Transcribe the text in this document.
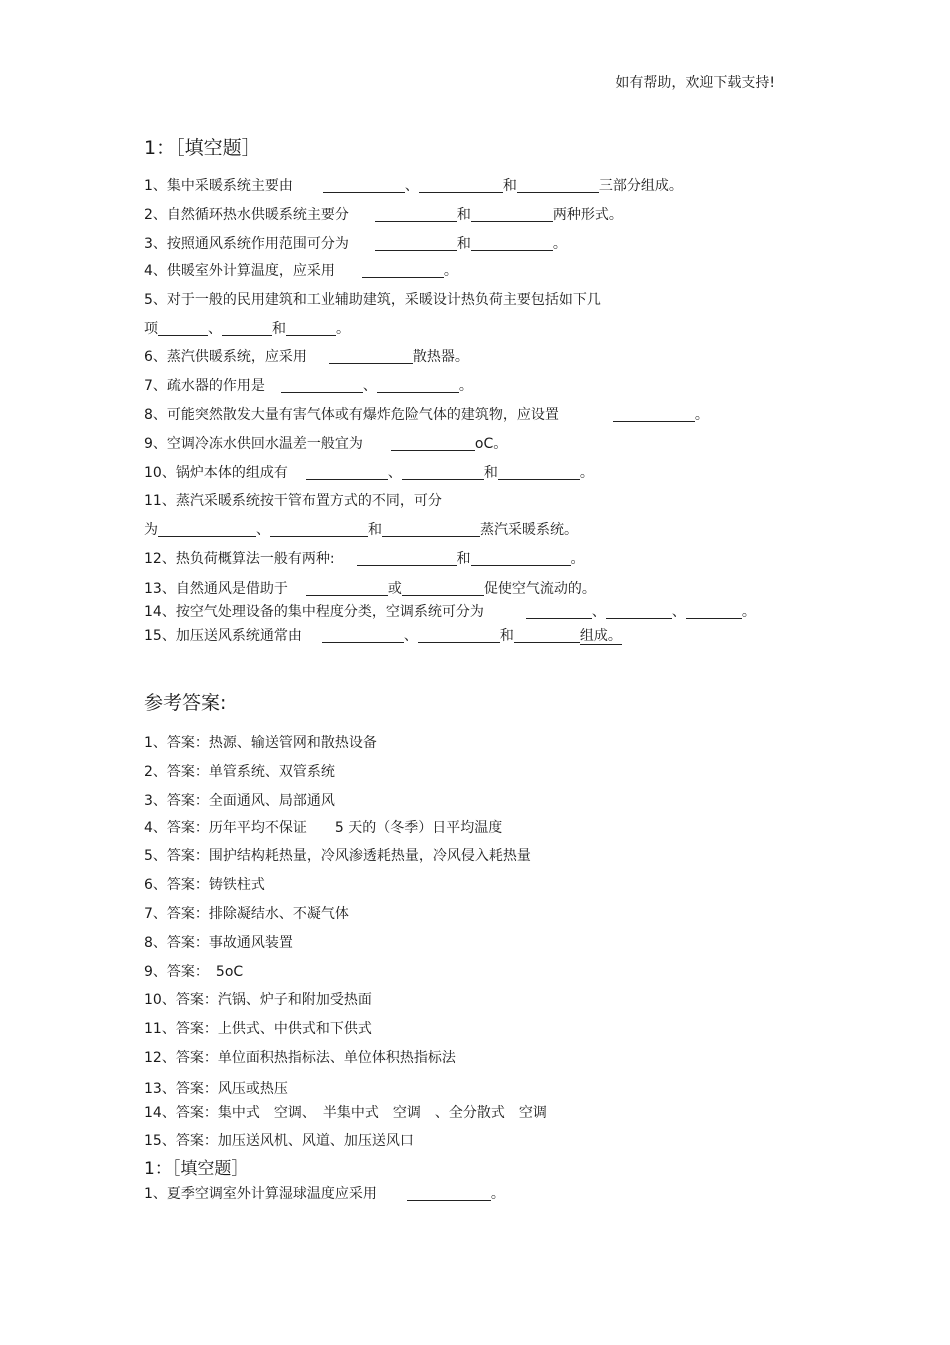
如有帮助，欢迎下载支持!
1：［填空题］
1、集中采暖系统主要由	、	和	三部分组成。
2、自然循环热水供暖系统主要分	和	两种形式。
3、按照通风系统作用范围可分为	和	。
4、供暖室外计算温度，应采用	。
5、对于一般的民用建筑和工业辅助建筑，采暖设计热负荷主要包括如下几
项	、	和	。
6、蒸汽供暖系统，应采用	散热器。
7、疏水器的作用是	、	。
8、可能突然散发大量有害气体或有爆炸危险气体的建筑物，应设置	。
9、空调冷冻水供回水温差一般宜为	oC。
10、锅炉本体的组成有	、	和	。
11、蒸汽采暖系统按干管布置方式的不同，可分
为	、	和	蒸汽采暖系统。
12、热负荷概算法一般有两种:	和	。
13、自然通风是借助于	或	促使空气流动的。
14、按空气处理设备的集中程度分类，空调系统可分为	、	、	。
15、加压送风系统通常由	、	和	组成。
参考答案:
1、答案：热源、输送管网和散热设备
2、答案：单管系统、双管系统
3、答案：全面通风、局部通风
4、答案：历年平均不保证　　5 天的（冬季）日平均温度
5、答案：围护结构耗热量，冷风渗透耗热量，冷风侵入耗热量
6、答案：铸铁柱式
7、答案：排除凝结水、不凝气体
8、答案：事故通风装置
9、答案：　5oC
10、答案：汽锅、炉子和附加受热面
11、答案：上供式、中供式和下供式
12、答案：单位面积热指标法、单位体积热指标法
13、答案：风压或热压
14、答案：集中式　空调、　半集中式　空调　、全分散式　空调
15、答案：加压送风机、风道、加压送风口
1：［填空题］
1、夏季空调室外计算湿球温度应采用	。
